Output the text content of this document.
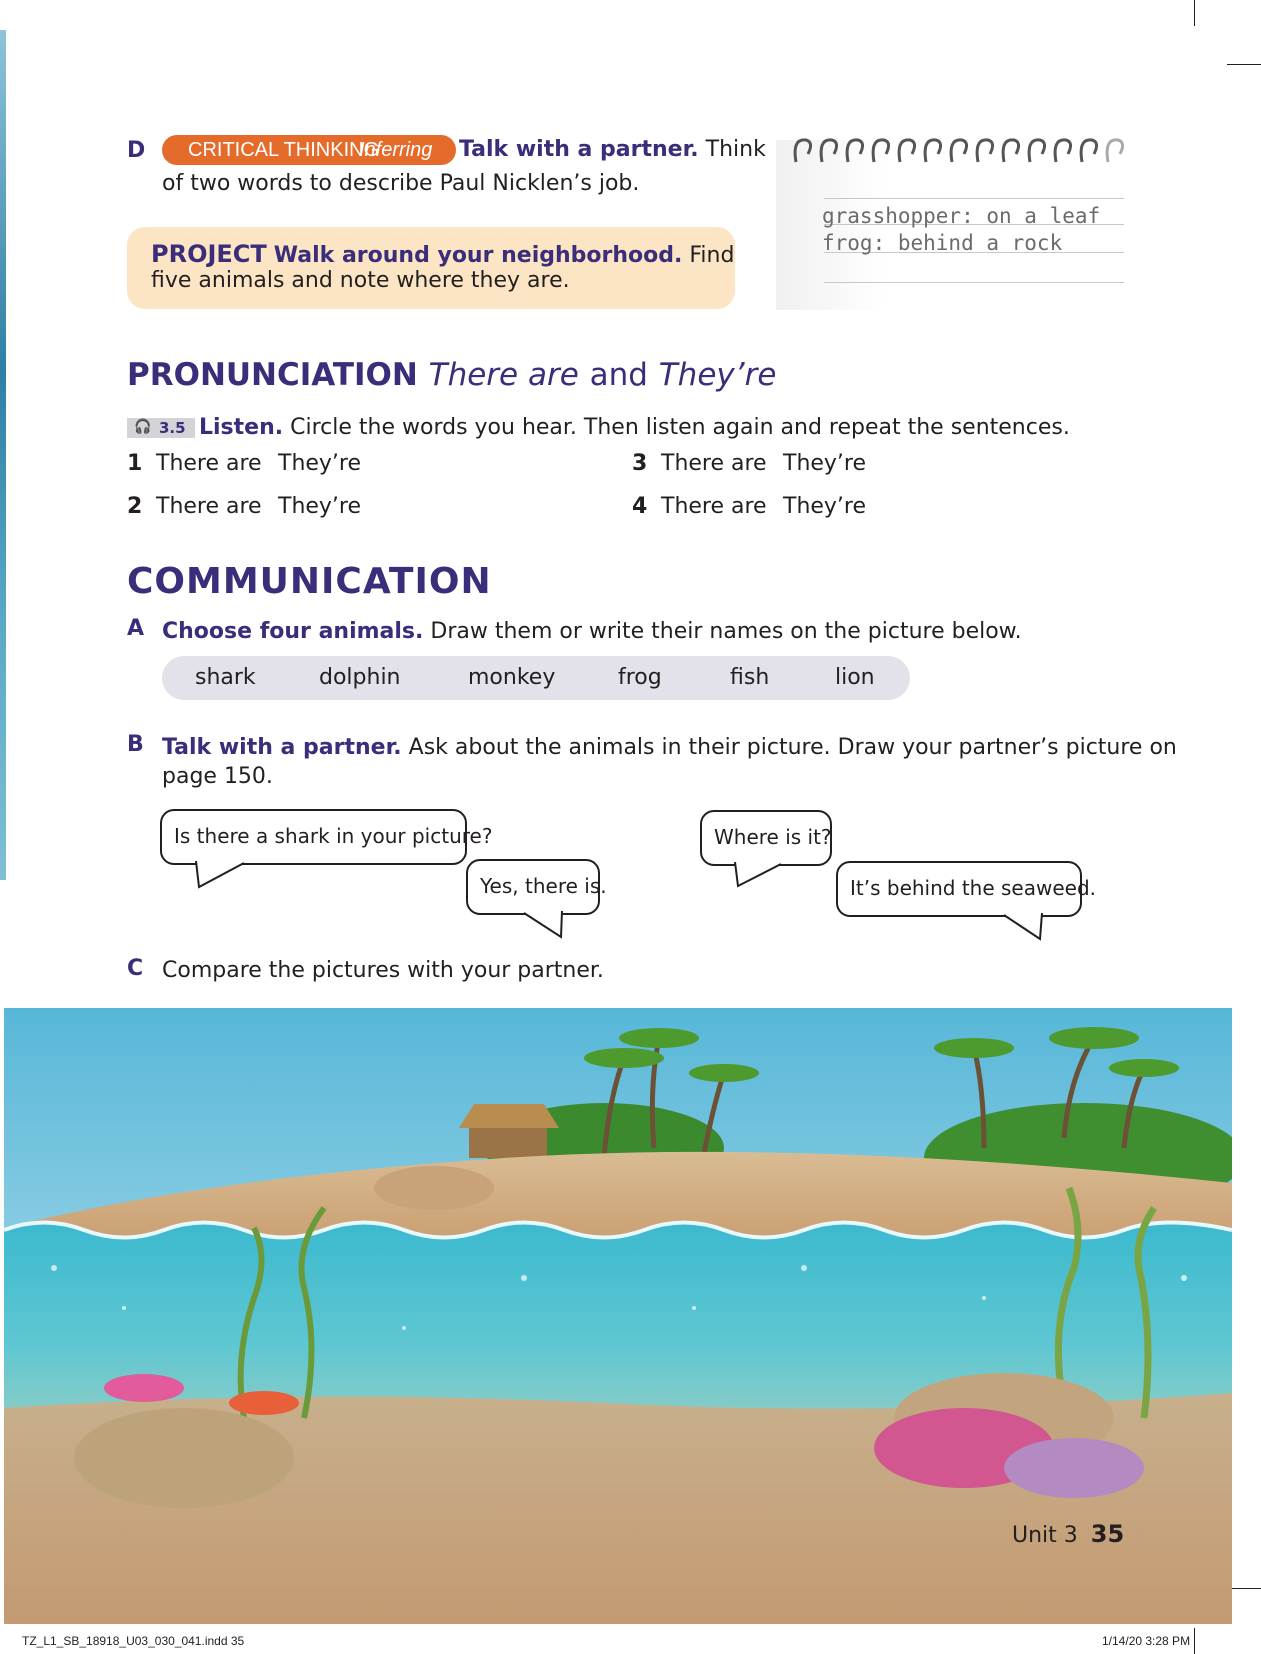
D CRITICAL THINKING
Inferring Talk with a partner. Think
of two words to describe Paul Nicklen’s job.
PROJECT Walk around your neighborhood. Find
five animals and note where they are.
grasshopper: on a leaf
frog: behind a rock
PRONUNCIATION There are and They’re
🎧 3.5 Listen. Circle the words you hear. Then listen again and repeat the sentences.
1 There are They’re
2 There are They’re
3 There are They’re
4 There are They’re
COMMUNICATION
A Choose four animals. Draw them or write their names on the picture below.
shark	dolphin	monkey	frog	fish	lion
B Talk with a partner. Ask about the animals in their picture. Draw your partner’s picture on
page 150.
Is there a shark in your picture?
Yes, there is.
Where is it?
It’s behind the seaweed.
C Compare the pictures with your partner.
Unit 3 35
TZ_L1_SB_18918_U03_030_041.indd 35	1/14/20 3:28 PM
